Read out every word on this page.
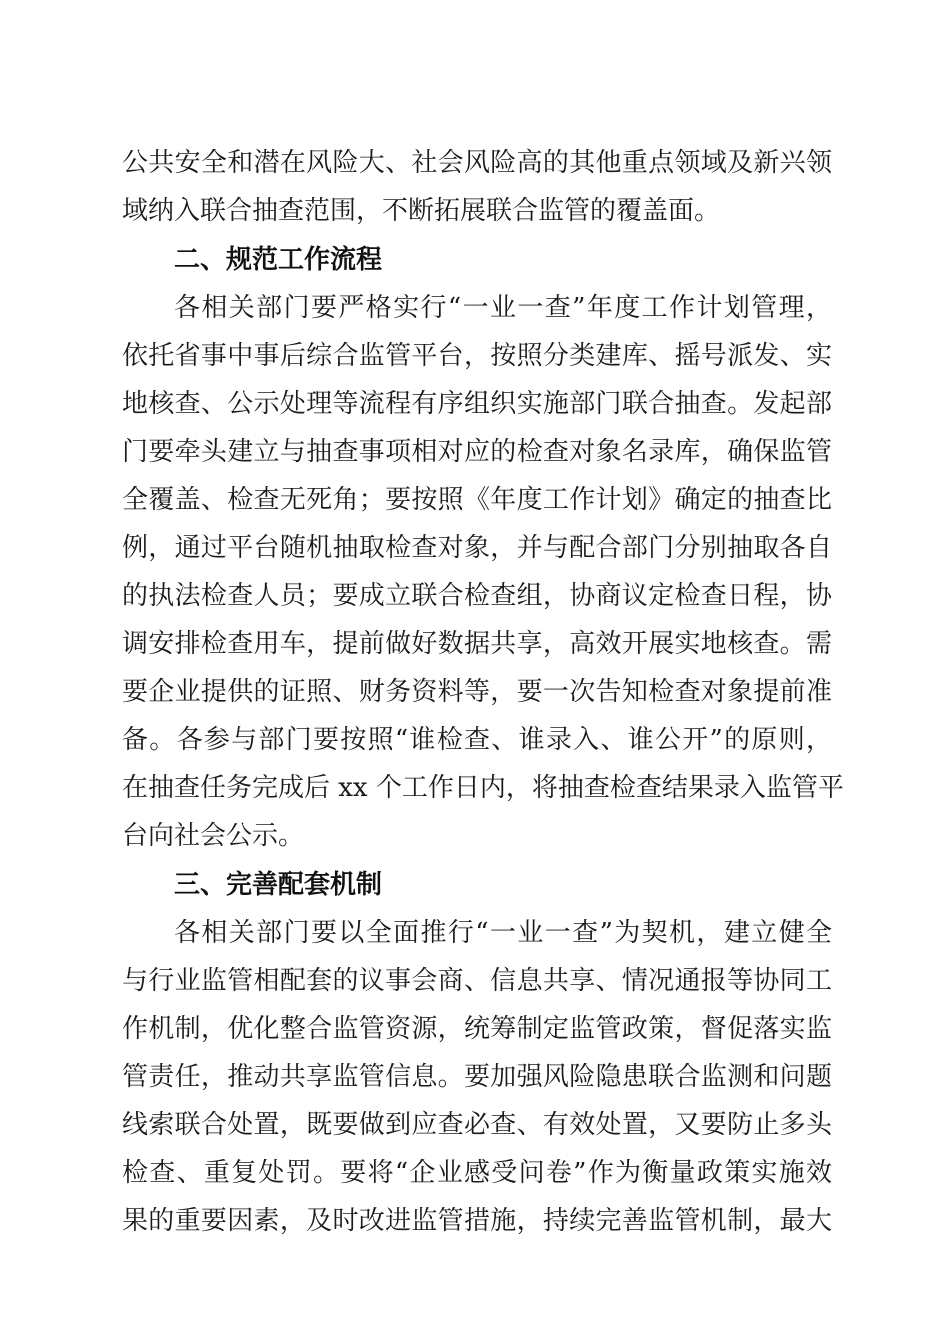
公共安全和潜在风险大、社会风险高的其他重点领域及新兴领
域纳入联合抽查范围，不断拓展联合监管的覆盖面。
二、规范工作流程
各相关部门要严格实行“一业一查”年度工作计划管理，
依托省事中事后综合监管平台，按照分类建库、摇号派发、实
地核查、公示处理等流程有序组织实施部门联合抽查。发起部
门要牵头建立与抽查事项相对应的检查对象名录库，确保监管
全覆盖、检查无死角；要按照《年度工作计划》确定的抽查比
例，通过平台随机抽取检查对象，并与配合部门分别抽取各自
的执法检查人员；要成立联合检查组，协商议定检查日程，协
调安排检查用车，提前做好数据共享，高效开展实地核查。需
要企业提供的证照、财务资料等，要一次告知检查对象提前准
备。各参与部门要按照“谁检查、谁录入、谁公开”的原则，
在抽查任务完成后 xx 个工作日内，将抽查检查结果录入监管平
台向社会公示。
三、完善配套机制
各相关部门要以全面推行“一业一查”为契机，建立健全
与行业监管相配套的议事会商、信息共享、情况通报等协同工
作机制，优化整合监管资源，统筹制定监管政策，督促落实监
管责任，推动共享监管信息。要加强风险隐患联合监测和问题
线索联合处置，既要做到应查必查、有效处置，又要防止多头
检查、重复处罚。要将“企业感受问卷”作为衡量政策实施效
果的重要因素，及时改进监管措施，持续完善监管机制，最大
